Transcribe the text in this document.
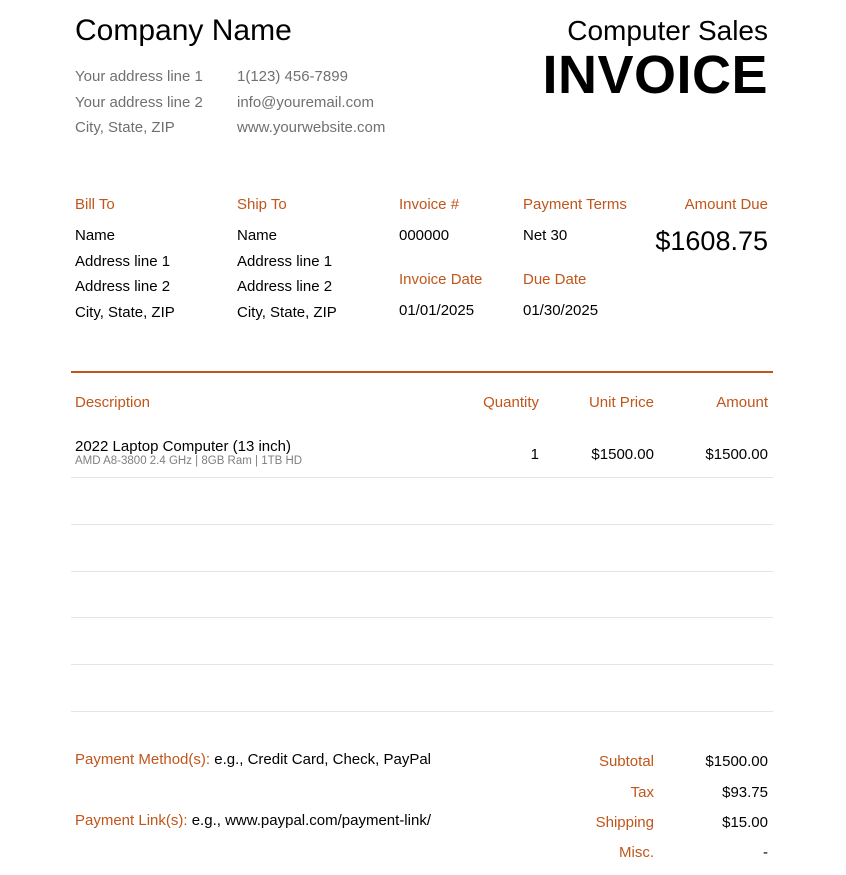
Company Name
Your address line 1
Your address line 2
City, State, ZIP
1(123) 456-7899
info@youremail.com
www.yourwebsite.com
Computer Sales
INVOICE
Bill To
Name
Address line 1
Address line 2
City, State, ZIP
Ship To
Name
Address line 1
Address line 2
City, State, ZIP
Invoice #
000000
Invoice Date
01/01/2025
Payment Terms
Net 30
Due Date
01/30/2025
Amount Due
$1608.75
Description	Quantity	Unit Price	Amount
2022 Laptop Computer (13 inch)
AMD A8-3800 2.4 GHz | 8GB Ram | 1TB HD	1	$1500.00	$1500.00
Payment Method(s): e.g., Credit Card, Check, PayPal
Payment Link(s): e.g., www.paypal.com/payment-link/
Subtotal	$1500.00
Tax	$93.75
Shipping	$15.00
Misc.	-
